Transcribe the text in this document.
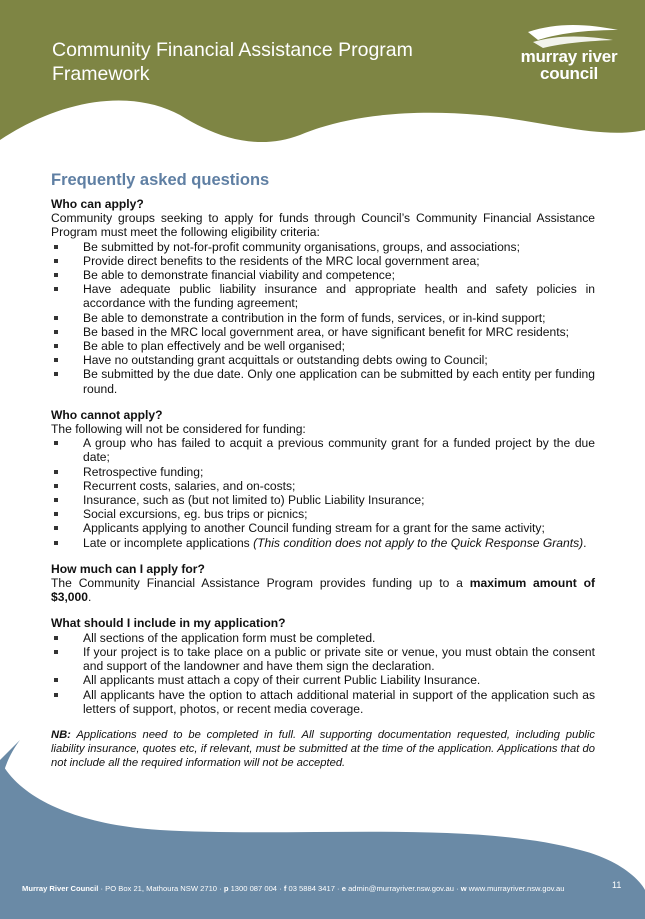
Community Financial Assistance Program
Framework
murray river
council
Frequently asked questions

Who can apply?

Community groups seeking to apply for funds through Council’s Community Financial Assistance Program must meet the following eligibility criteria:

Be submitted by not-for-profit community organisations, groups, and associations;
Provide direct benefits to the residents of the MRC local government area;
Be able to demonstrate financial viability and competence;
Have adequate public liability insurance and appropriate health and safety policies in accordance with the funding agreement;
Be able to demonstrate a contribution in the form of funds, services, or in-kind support;
Be based in the MRC local government area, or have significant benefit for MRC residents;
Be able to plan effectively and be well organised;
Have no outstanding grant acquittals or outstanding debts owing to Council;
Be submitted by the due date. Only one application can be submitted by each entity per funding round.

Who cannot apply?

The following will not be considered for funding:

A group who has failed to acquit a previous community grant for a funded project by the due date;
Retrospective funding;
Recurrent costs, salaries, and on-costs;
Insurance, such as (but not limited to) Public Liability Insurance;
Social excursions, eg. bus trips or picnics;
Applicants applying to another Council funding stream for a grant for the same activity;
Late or incomplete applications (This condition does not apply to the Quick Response Grants).

How much can I apply for?

The Community Financial Assistance Program provides funding up to a maximum amount of $3,000.

What should I include in my application?

All sections of the application form must be completed.
If your project is to take place on a public or private site or venue, you must obtain the consent and support of the landowner and have them sign the declaration.
All applicants must attach a copy of their current Public Liability Insurance.
All applicants have the option to attach additional material in support of the application such as letters of support, photos, or recent media coverage.

NB: Applications need to be completed in full. All supporting documentation requested, including public liability insurance, quotes etc, if relevant, must be submitted at the time of the application. Applications that do not include all the required information will not be accepted.

Murray River Council · PO Box 21, Mathoura NSW 2710 · p 1300 087 004 · f 03 5884 3417 · e admin@murrayriver.nsw.gov.au · w www.murrayriver.nsw.gov.au	11
